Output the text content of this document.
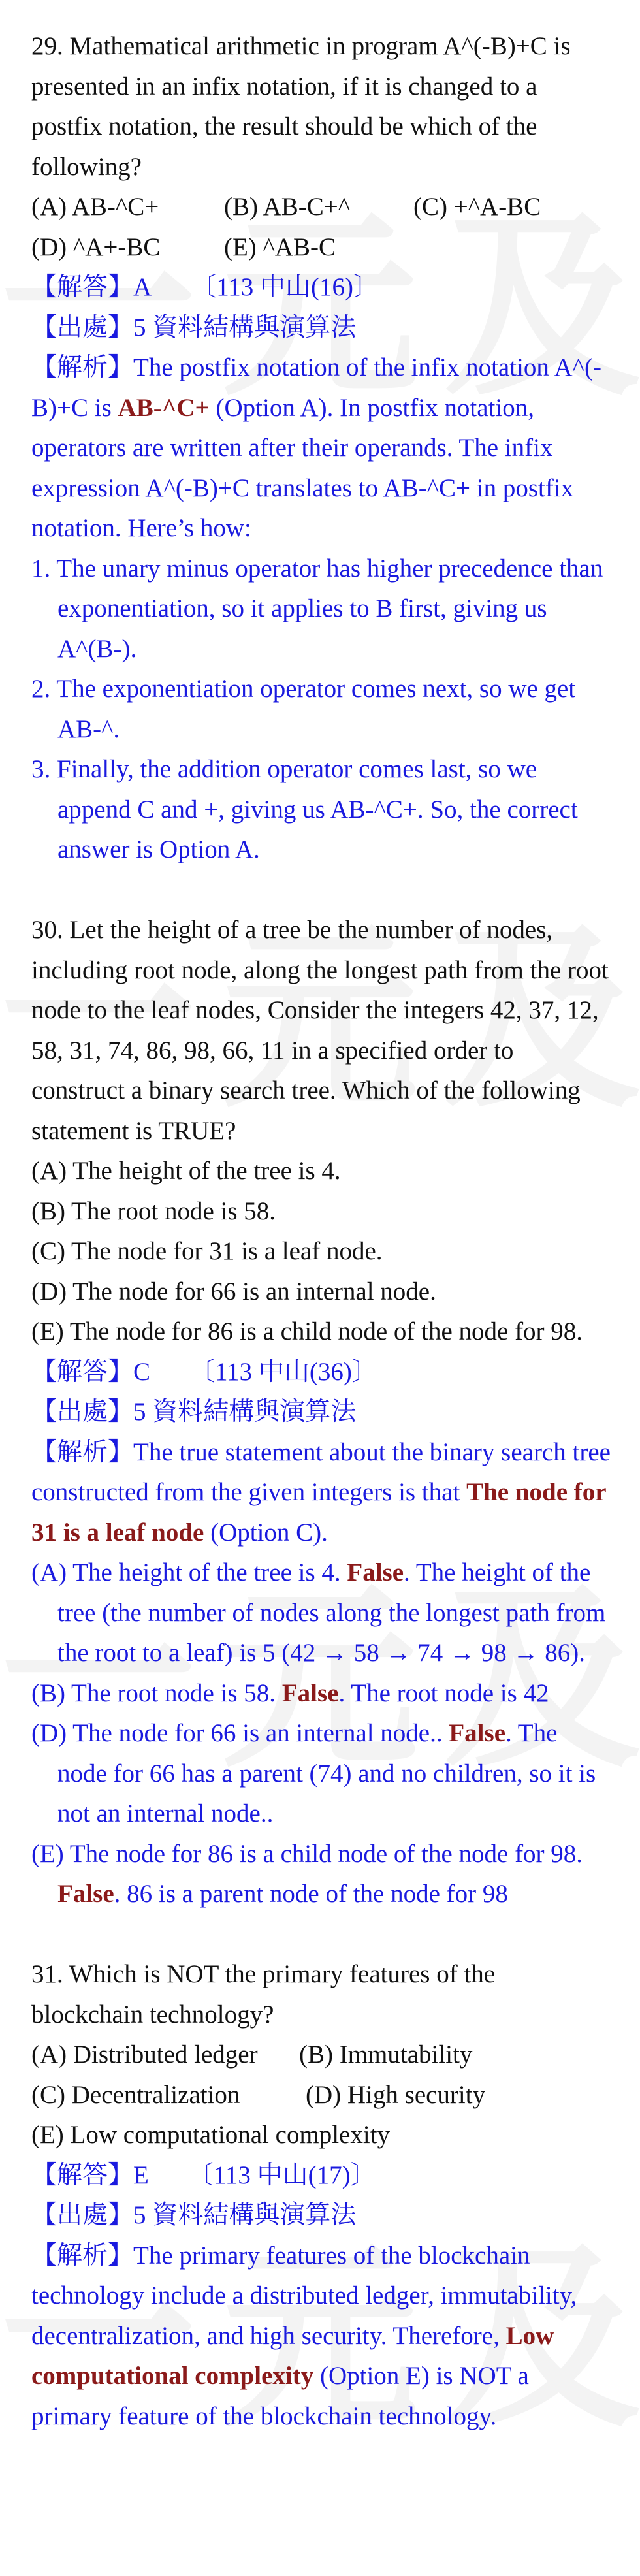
29. Mathematical arithmetic in program A^(-B)+C is presented in an infix notation, if it is changed to a postfix notation, the result should be which of the following?

(A) AB-^C+	(B) AB-C+^	(C) +^A-BC
(D) ^A+-BC	(E) ^AB-C
【解答】A 〔113 中山(16)〕
【出處】5 資料結構與演算法

【解析】The postfix notation of the infix notation A^(-B)+C is AB-^C+ (Option A). In postfix notation, operators are written after their operands. The infix expression A^(-B)+C translates to AB-^C+ in postfix notation. Here’s how:

1. The unary minus operator has higher precedence than exponentiation, so it applies to B first, giving us A^(B-).

2. The exponentiation operator comes next, so we get AB-^.

3. Finally, the addition operator comes last, so we append C and +, giving us AB-^C+. So, the correct answer is Option A.

30. Let the height of a tree be the number of nodes, including root node, along the longest path from the root node to the leaf nodes, Consider the integers 42, 37, 12, 58, 31, 74, 86, 98, 66, 11 in a specified order to construct a binary search tree. Which of the following statement is TRUE?

(A) The height of the tree is 4.

(B) The root node is 58.

(C) The node for 31 is a leaf node.

(D) The node for 66 is an internal node.

(E) The node for 86 is a child node of the node for 98.

【解答】C 〔113 中山(36)〕
【出處】5 資料結構與演算法

【解析】The true statement about the binary search tree constructed from the given integers is that The node for 31 is a leaf node (Option C).

(A) The height of the tree is 4. False. The height of the tree (the number of nodes along the longest path from the root to a leaf) is 5 (42 → 58 → 74 → 98 → 86).

(B) The root node is 58. False. The root node is 42

(D) The node for 66 is an internal node.. False. The node for 66 has a parent (74) and no children, so it is not an internal node..

(E) The node for 86 is a child node of the node for 98. False. 86 is a parent node of the node for 98

31. Which is NOT the primary features of the blockchain technology?

(A) Distributed ledger	(B) Immutability
(C) Decentralization	(D) High security

(E) Low computational complexity

【解答】E 〔113 中山(17)〕
【出處】5 資料結構與演算法

【解析】The primary features of the blockchain technology include a distributed ledger, immutability, decentralization, and high security. Therefore, Low computational complexity (Option E) is NOT a primary feature of the blockchain technology.
